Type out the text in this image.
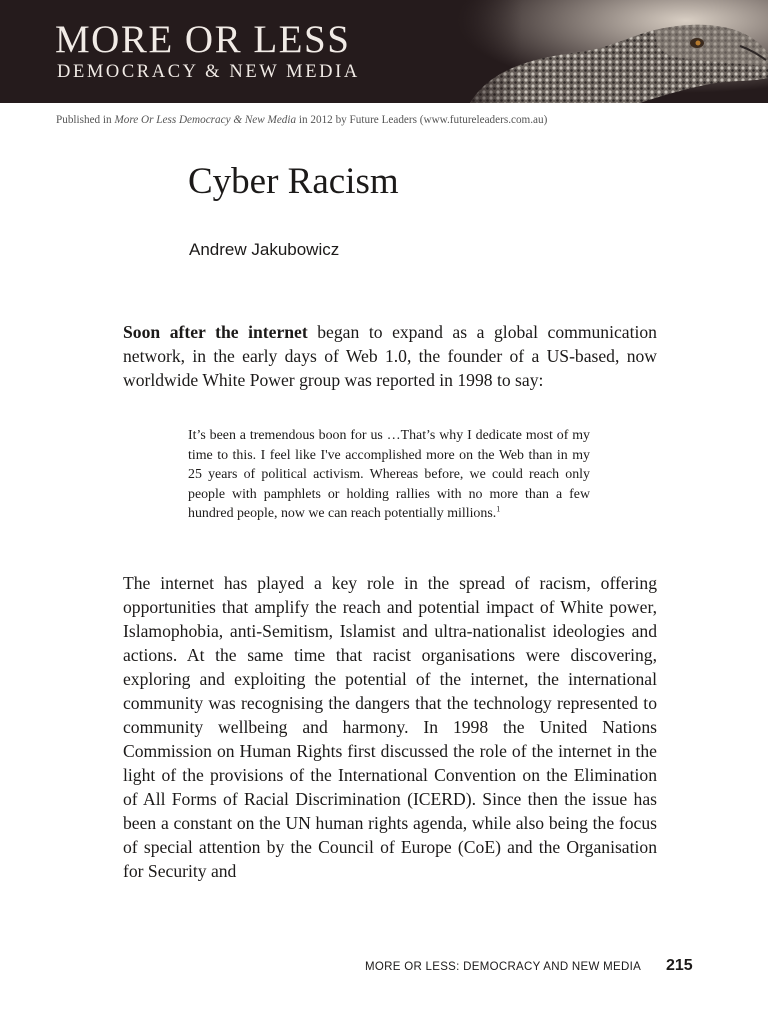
MORE OR LESS
DEMOCRACY & NEW MEDIA
Published in More Or Less Democracy & New Media in 2012 by Future Leaders (www.futureleaders.com.au)
Cyber Racism
Andrew Jakubowicz

Soon after the internet began to expand as a global communication network, in the early days of Web 1.0, the founder of a US-based, now worldwide White Power group was reported in 1998 to say:

It’s been a tremendous boon for us …That’s why I dedicate most of my time to this. I feel like I've accomplished more on the Web than in my 25 years of political activism. Whereas before, we could reach only people with pamphlets or holding rallies with no more than a few hundred people, now we can reach potentially millions.$^1$

The internet has played a key role in the spread of racism, offering opportunities that amplify the reach and potential impact of White power, Islamophobia, anti-Semitism, Islamist and ultra-nationalist ideologies and actions. At the same time that racist organisations were discovering, exploring and exploiting the potential of the internet, the international community was recognising the dangers that the technology represented to community wellbeing and harmony. In 1998 the United Nations Commission on Human Rights first discussed the role of the internet in the light of the provisions of the International Convention on the Elimination of All Forms of Racial Discrimination (ICERD). Since then the issue has been a constant on the UN human rights agenda, while also being the focus of special attention by the Council of Europe (CoE) and the Organisation for Security and

MORE OR LESS: DEMOCRACY AND NEW MEDIA 215
